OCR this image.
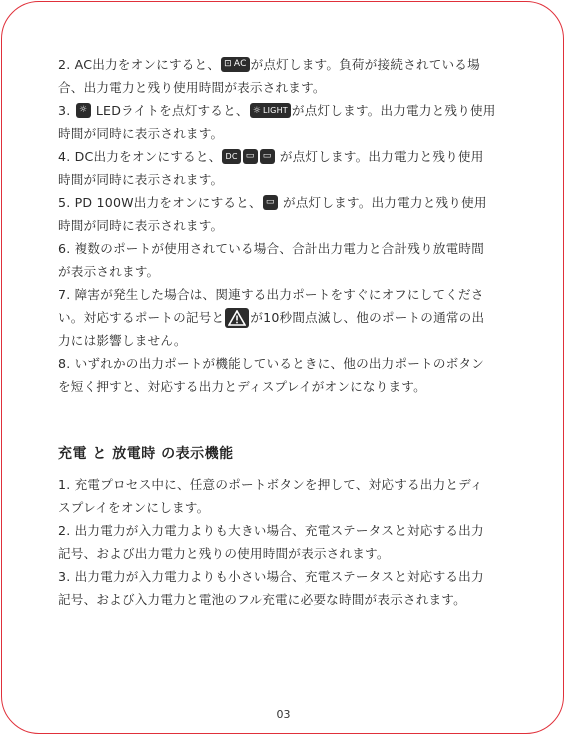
2. AC出力をオンにすると、 ⊡ AC が点灯します。負荷が接続されている場
合、出力電力と残り使用時間が表示されます。
3. ☼ LEDライトを点灯すると、 ☼ LIGHT が点灯します。出力電力と残り使用
時間が同時に表示されます。
4. DC出力をオンにすると、 DC ▭ ▭ が点灯します。出力電力と残り使用
時間が同時に表示されます。
5. PD 100W出力をオンにすると、 ▭ が点灯します。出力電力と残り使用
時間が同時に表示されます。
6. 複数のポートが使用されている場合、合計出力電力と合計残り放電時間
が表示されます。
7. 障害が発生した場合は、関連する出力ポートをすぐにオフにしてくださ
い。対応するポートの記号と が10秒間点滅し、他のポートの通常の出
力には影響しません。
8. いずれかの出力ポートが機能しているときに、他の出力ポートのボタン
を短く押すと、対応する出力とディスプレイがオンになります。
充電 と 放電時 の表示機能
1. 充電プロセス中に、任意のポートボタンを押して、対応する出力とディ
スプレイをオンにします。
2. 出力電力が入力電力よりも大きい場合、充電ステータスと対応する出力
記号、および出力電力と残りの使用時間が表示されます。
3. 出力電力が入力電力よりも小さい場合、充電ステータスと対応する出力
記号、および入力電力と電池のフル充電に必要な時間が表示されます。
03
